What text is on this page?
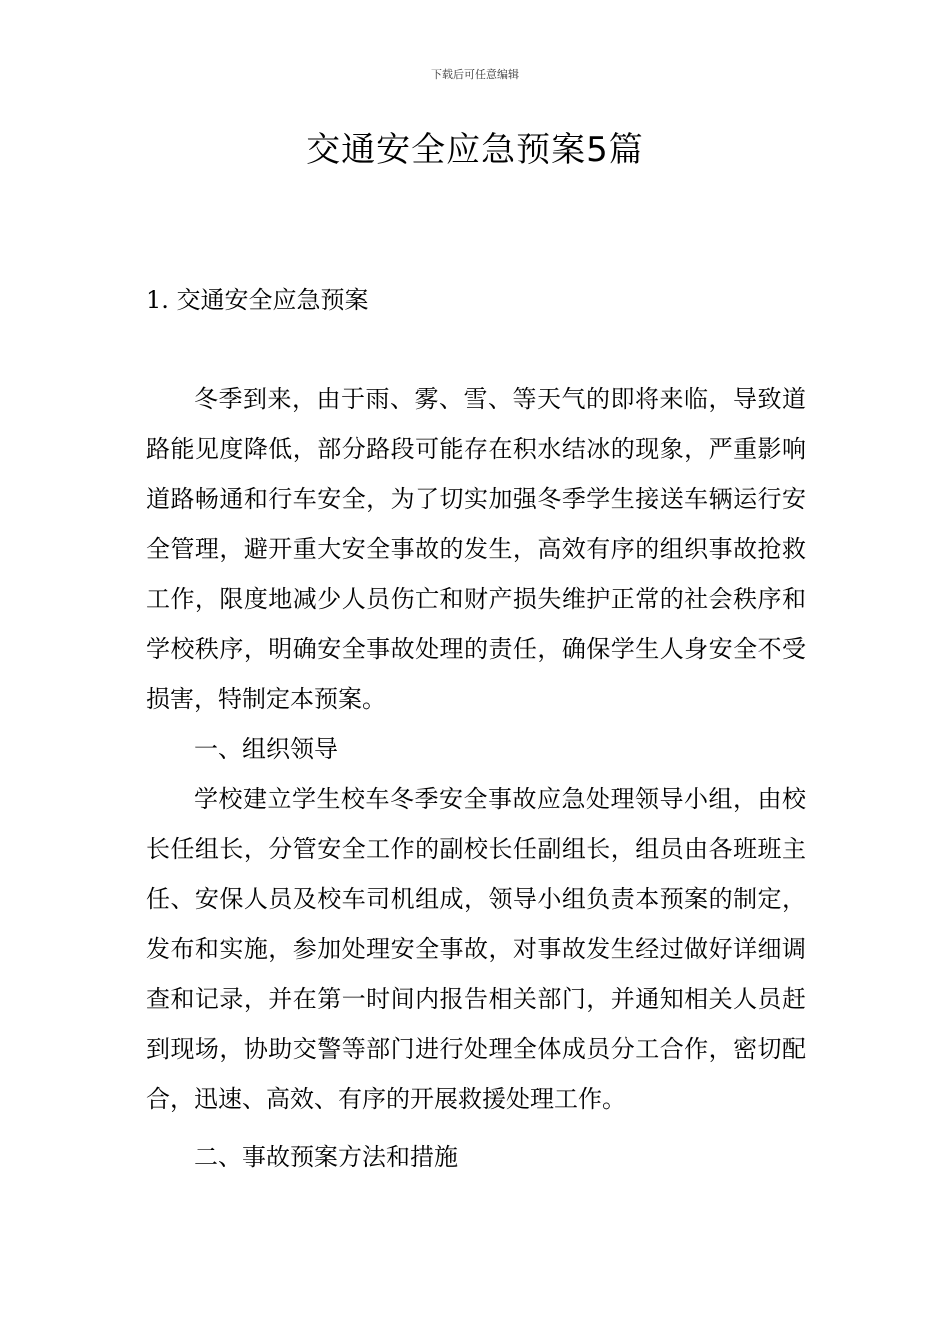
下载后可任意编辑
交通安全应急预案5篇
1. 交通安全应急预案

冬季到来，由于雨、雾、雪、等天气的即将来临，导致道路能见度降低，部分路段可能存在积水结冰的现象，严重影响道路畅通和行车安全，为了切实加强冬季学生接送车辆运行安全管理，避开重大安全事故的发生，高效有序的组织事故抢救工作，限度地减少人员伤亡和财产损失维护正常的社会秩序和学校秩序，明确安全事故处理的责任，确保学生人身安全不受损害，特制定本预案。

一、组织领导

学校建立学生校车冬季安全事故应急处理领导小组，由校长任组长，分管安全工作的副校长任副组长，组员由各班班主任、安保人员及校车司机组成，领导小组负责本预案的制定，发布和实施，参加处理安全事故，对事故发生经过做好详细调查和记录，并在第一时间内报告相关部门，并通知相关人员赶到现场，协助交警等部门进行处理全体成员分工合作，密切配合，迅速、高效、有序的开展救援处理工作。

二、事故预案方法和措施
